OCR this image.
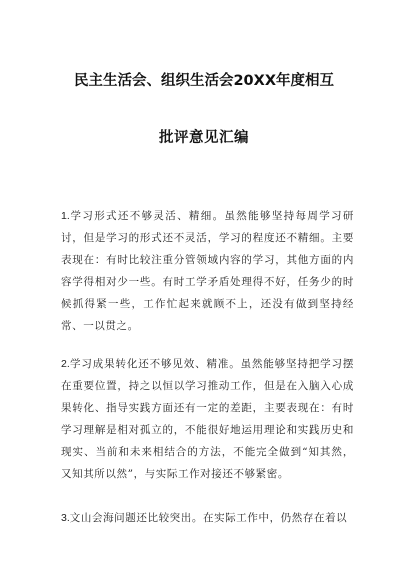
民主生活会、组织生活会20XX年度相互
批评意见汇编

1.学习形式还不够灵活、精细。虽然能够坚持每周学习研讨，但是学习的形式还不灵活，学习的程度还不精细。主要表现在：有时比较注重分管领域内容的学习，其他方面的内容学得相对少一些。有时工学矛盾处理得不好，任务少的时候抓得紧一些，工作忙起来就顾不上，还没有做到坚持经常、一以贯之。

2.学习成果转化还不够见效、精准。虽然能够坚持把学习摆在重要位置，持之以恒以学习推动工作，但是在入脑入心成果转化、指导实践方面还有一定的差距，主要表现在：有时学习理解是相对孤立的，不能很好地运用理论和实践历史和现实、当前和未来相结合的方法，不能完全做到“知其然，又知其所以然”，与实际工作对接还不够紧密。

3.文山会海问题还比较突出。在实际工作中，仍然存在着以
